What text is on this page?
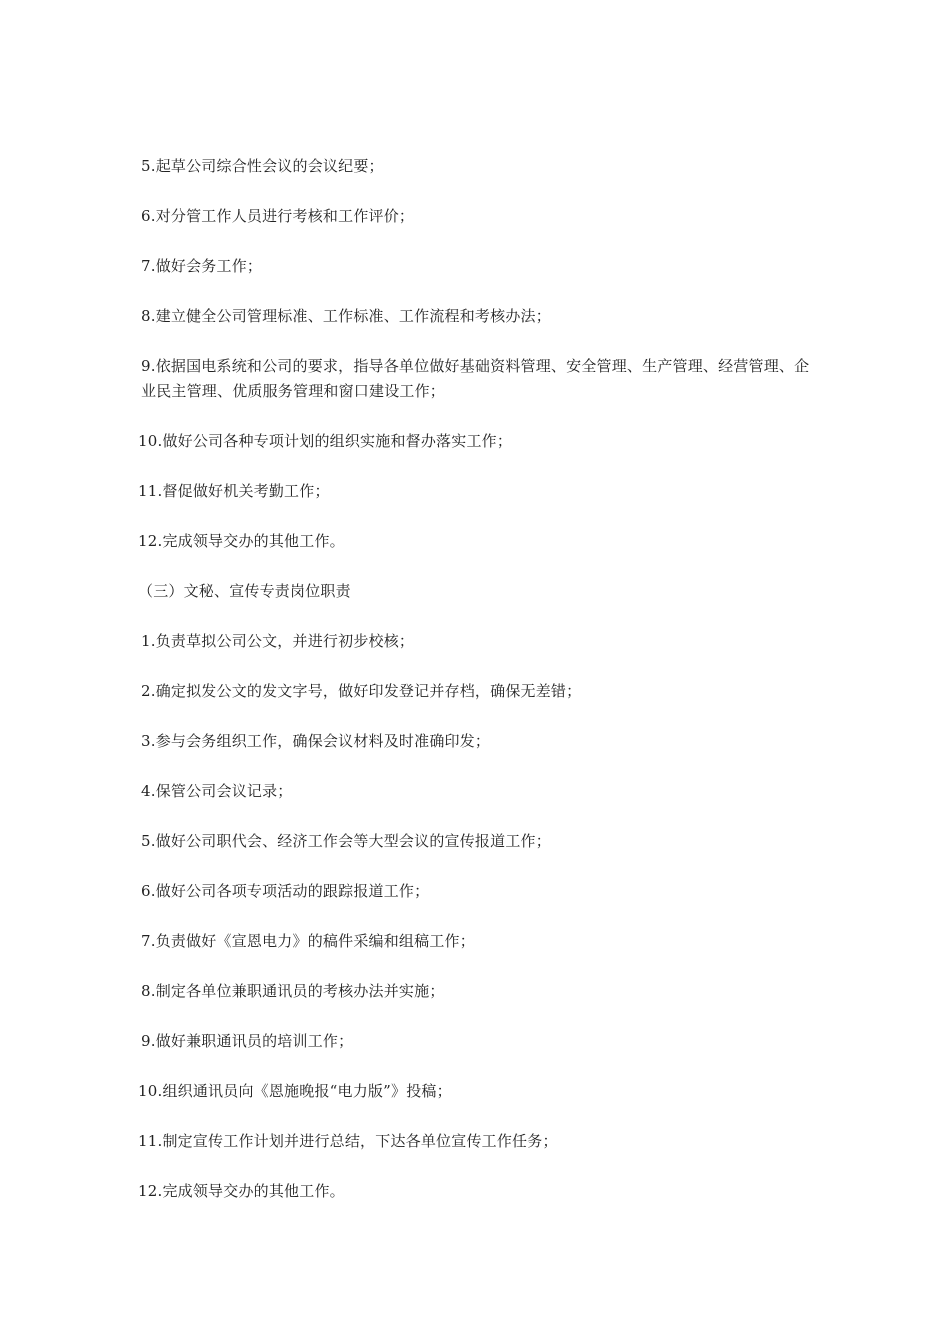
5.起草公司综合性会议的会议纪要；

6.对分管工作人员进行考核和工作评价；

7.做好会务工作；

8.建立健全公司管理标准、工作标准、工作流程和考核办法；

9.依据国电系统和公司的要求，指导各单位做好基础资料管理、安全管理、生产管理、经营管理、企业民主管理、优质服务管理和窗口建设工作；

10.做好公司各种专项计划的组织实施和督办落实工作；

11.督促做好机关考勤工作；

12.完成领导交办的其他工作。

（三）文秘、宣传专责岗位职责

1.负责草拟公司公文，并进行初步校核；

2.确定拟发公文的发文字号，做好印发登记并存档，确保无差错；

3.参与会务组织工作，确保会议材料及时准确印发；

4.保管公司会议记录；

5.做好公司职代会、经济工作会等大型会议的宣传报道工作；

6.做好公司各项专项活动的跟踪报道工作；

7.负责做好《宣恩电力》的稿件采编和组稿工作；

8.制定各单位兼职通讯员的考核办法并实施；

9.做好兼职通讯员的培训工作；

10.组织通讯员向《恩施晚报“电力版”》投稿；

11.制定宣传工作计划并进行总结，下达各单位宣传工作任务；

12.完成领导交办的其他工作。
